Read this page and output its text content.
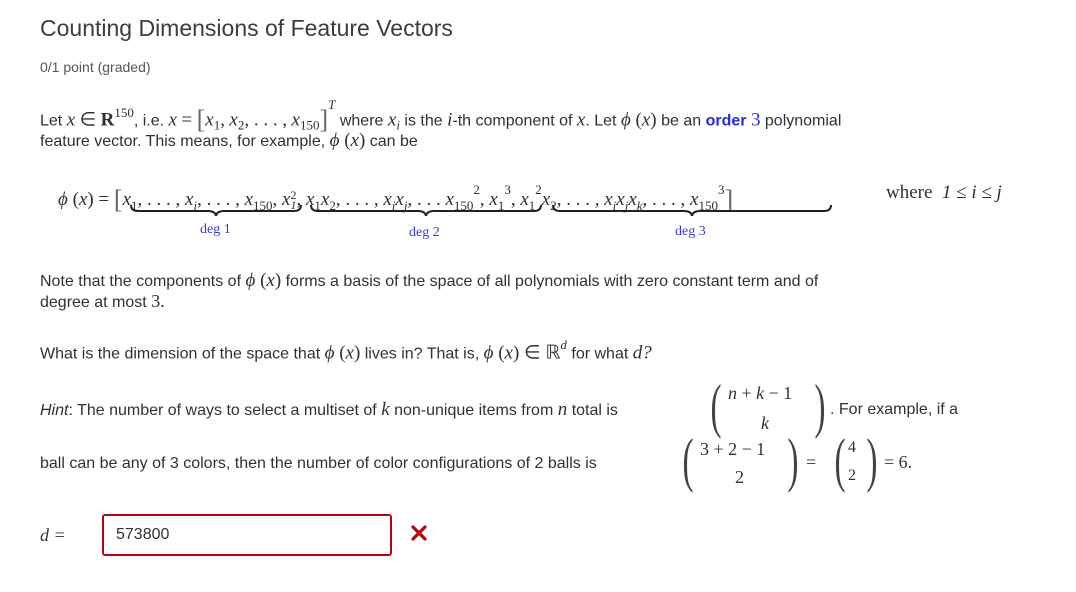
Counting Dimensions of Feature Vectors
0/1 point (graded)
Let x ∈ $R^{150}$, i.e. $x = [x_1$, $x_2$, . . . , $x_{150}]^T$ where $x_i$ is the i-th component of x. Let ϕ (x) be an order 3 polynomial
feature vector. This means, for example, ϕ (x) can be
ϕ $(x) = [x_1$, . . . , $x_i$, . . . , $x_{150}$, x 2
1 , $x_1x_2$, . . . , $x_ix_j$, . . . $x_{150}^2$, $x_1^3$, $x_1^2x_2$, . . . , $x_ix_jx_k$, . . . , $x_{150}^3$]	where 1 ≤ i ≤ j
deg 1	deg 2	deg 3
Note that the components of ϕ (x) forms a basis of the space of all polynomials with zero constant term and of
degree at most 3.
What is the dimension of the space that ϕ (x) lives in? That is, ϕ (x) ∈ ℝ$^d$ for what d?
Hint: The number of ways to select a multiset of k non-unique items from n total is ( n + k − 1
k ) . For example, if a
ball can be any of 3 colors, then the number of color configurations of 2 balls is ( 3 + 2 − 1
2 ) = ( 4
2 ) = 6.
d =
573800
